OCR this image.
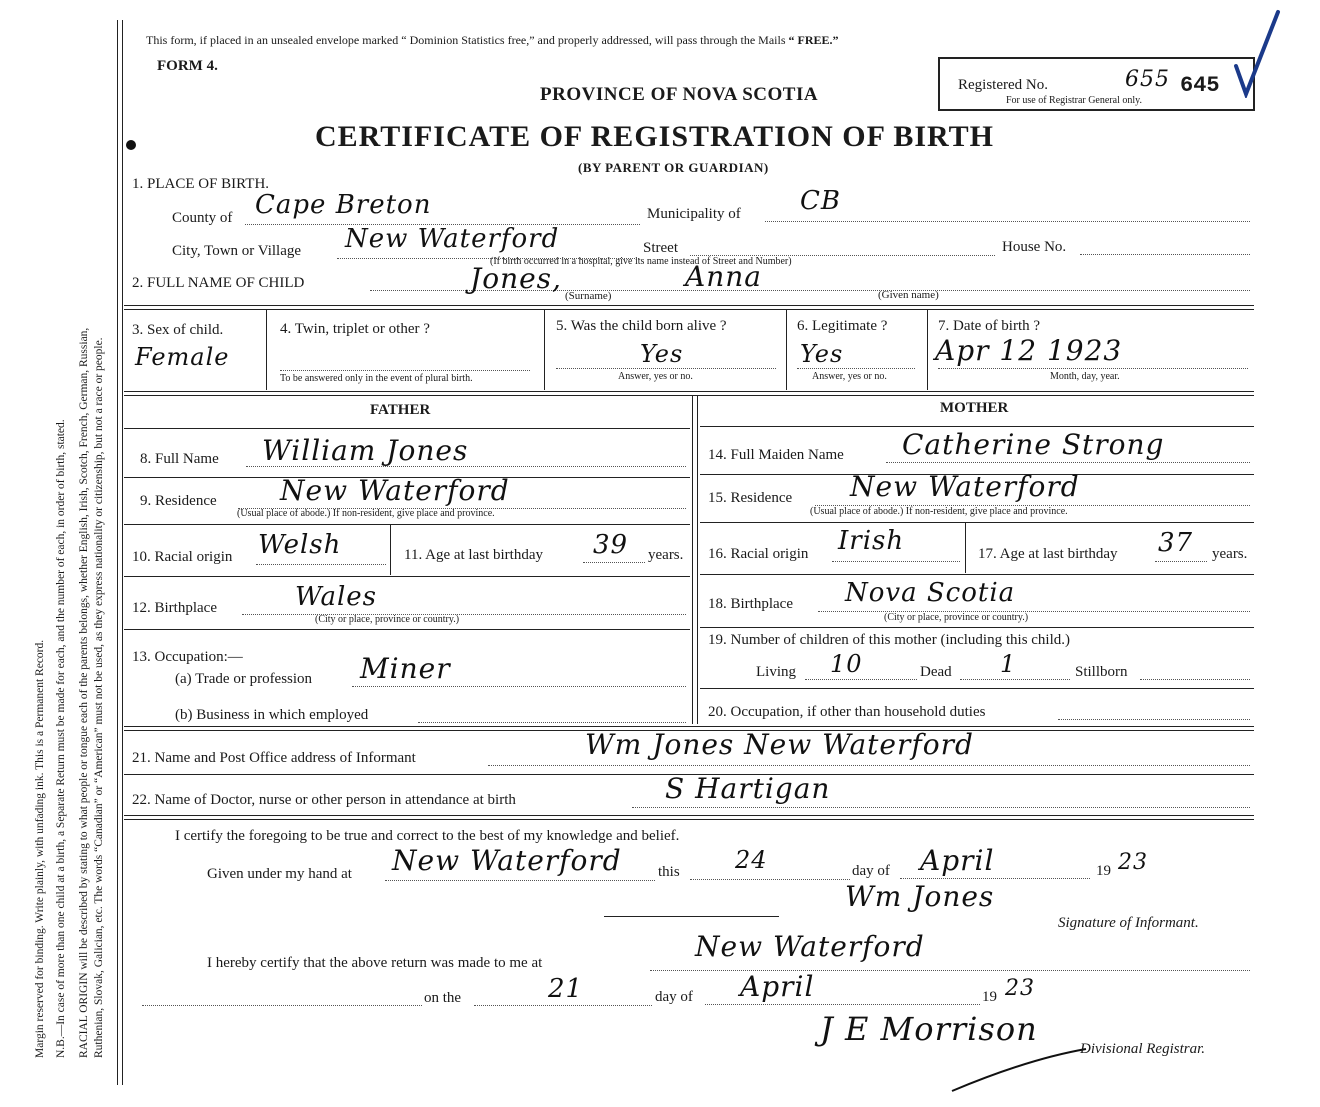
Margin reserved for binding. Write plainly, with unfading ink. This is a Permanent Record. N.B.—In case of more than one child at a birth, a Separate Return must be made for each, and the number of each, in order of birth, stated. RACIAL ORIGIN will be described by stating to what people or tongue each of the parents belongs, whether English, Irish, Scotch, French, German, Russian, Ruthenian, Slovak, Galician, etc. The words “Canadian” or “American” must not be used, as they express nationality or citizenship, but not a race or people.
This form, if placed in an unsealed envelope marked “ Dominion Statistics free,” and properly addressed, will pass through the Mails “ FREE.”
FORM 4.
PROVINCE OF NOVA SCOTIA
CERTIFICATE OF REGISTRATION OF BIRTH
(BY PARENT OR GUARDIAN)
Registered No.	655 645
For use of Registrar General only.
1. PLACE OF BIRTH.
County of Cape Breton	Municipality of CB
City, Town or Village New Waterford	Street	House No.
(If birth occurred in a hospital, give its name instead of Street and Number)
2. FULL NAME OF CHILD	Jones,	Anna
(Surname)	(Given name)
3. Sex of child.
Female
4. Twin, triplet or other ?
To be answered only in the event of plural birth.
5. Was the child born alive ?
Yes
Answer, yes or no.
6. Legitimate ?
Yes
Answer, yes or no.
7. Date of birth ?
Apr 12 1923
Month, day, year.
FATHER
8. Full Name William Jones
9. Residence New Waterford
(Usual place of abode.) If non-resident, give place and province.
10. Racial origin Welsh	11. Age at last birthday 39 years.
12. Birthplace	Wales
(City or place, province or country.)
13. Occupation:—
(a) Trade or profession Miner
(b) Business in which employed
MOTHER
14. Full Maiden Name Catherine Strong
15. Residence New Waterford
(Usual place of abode.) If non-resident, give place and province.
16. Racial origin Irish	17. Age at last birthday 37 years.
18. Birthplace Nova Scotia
(City or place, province or country.)
19. Number of children of this mother (including this child.)
Living 10	Dead 1	Stillborn
20. Occupation, if other than household duties
21. Name and Post Office address of Informant	Wm Jones New Waterford
22. Name of Doctor, nurse or other person in attendance at birth	S Hartigan
I certify the foregoing to be true and correct to the best of my knowledge and belief.
Given under my hand at New Waterford this 24	day of April	19 23
Wm Jones
Signature of Informant.
I hereby certify that the above return was made to me at	New Waterford
on the	21	day of April	19 23
J E Morrison
Divisional Registrar.
